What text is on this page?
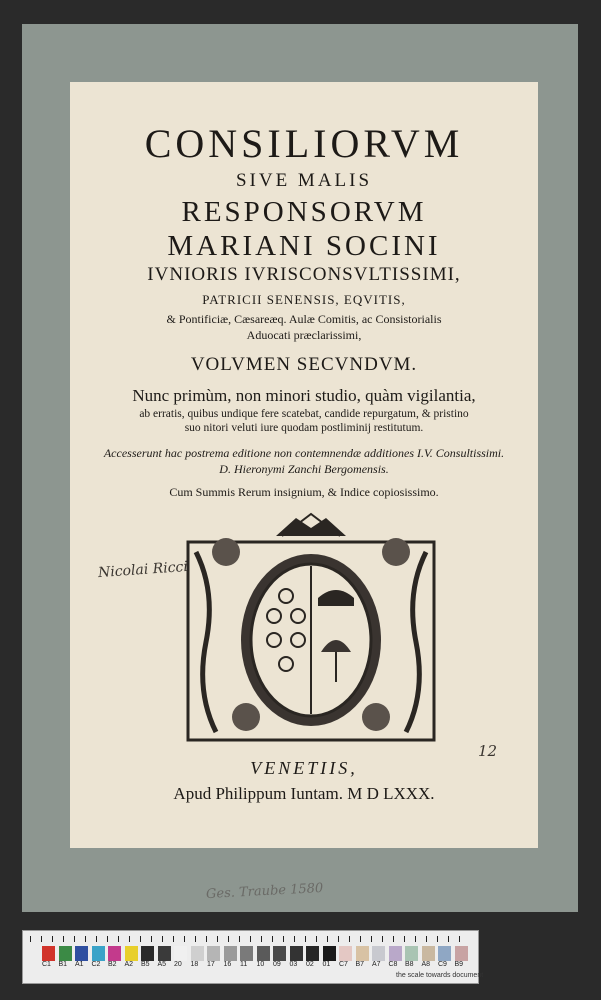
CONSILIORVM
SIVE MALIS
RESPONSORVM
MARIANI SOCINI
IVNIORIS IVRISCONSVLTISSIMI,
PATRICII SENENSIS, EQVITIS,
& Pontificiæ, Cæsareæq. Aulæ Comitis, ac Consistorialis
Aduocati præclarissimi,
VOLVMEN SECVNDVM.
Nunc primùm, non minori studio, quàm vigilantia,
ab erratis, quibus undique fere scatebat, candide repurgatum, & pristino
suo nitori veluti iure quodam postliminij restitutum.
Accesserunt hac postrema editione non contemnendæ additiones I.V. Consultissimi.
D. Hieronymi Zanchi Bergomensis.
Cum Summis Rerum insignium, & Indice copiosissimo.
VENETIIS,
Apud Philippum Iuntam. M D LXXX.
Nicolai Ricci
12
Ges. Traube 1580
C1 B1 A1 C2 B2 A2 B5 A5 20 18 17 16 11 10 09 03 02 01 C7 B7 A7 C8 B8 A8 C9 B9
the scale towards document
